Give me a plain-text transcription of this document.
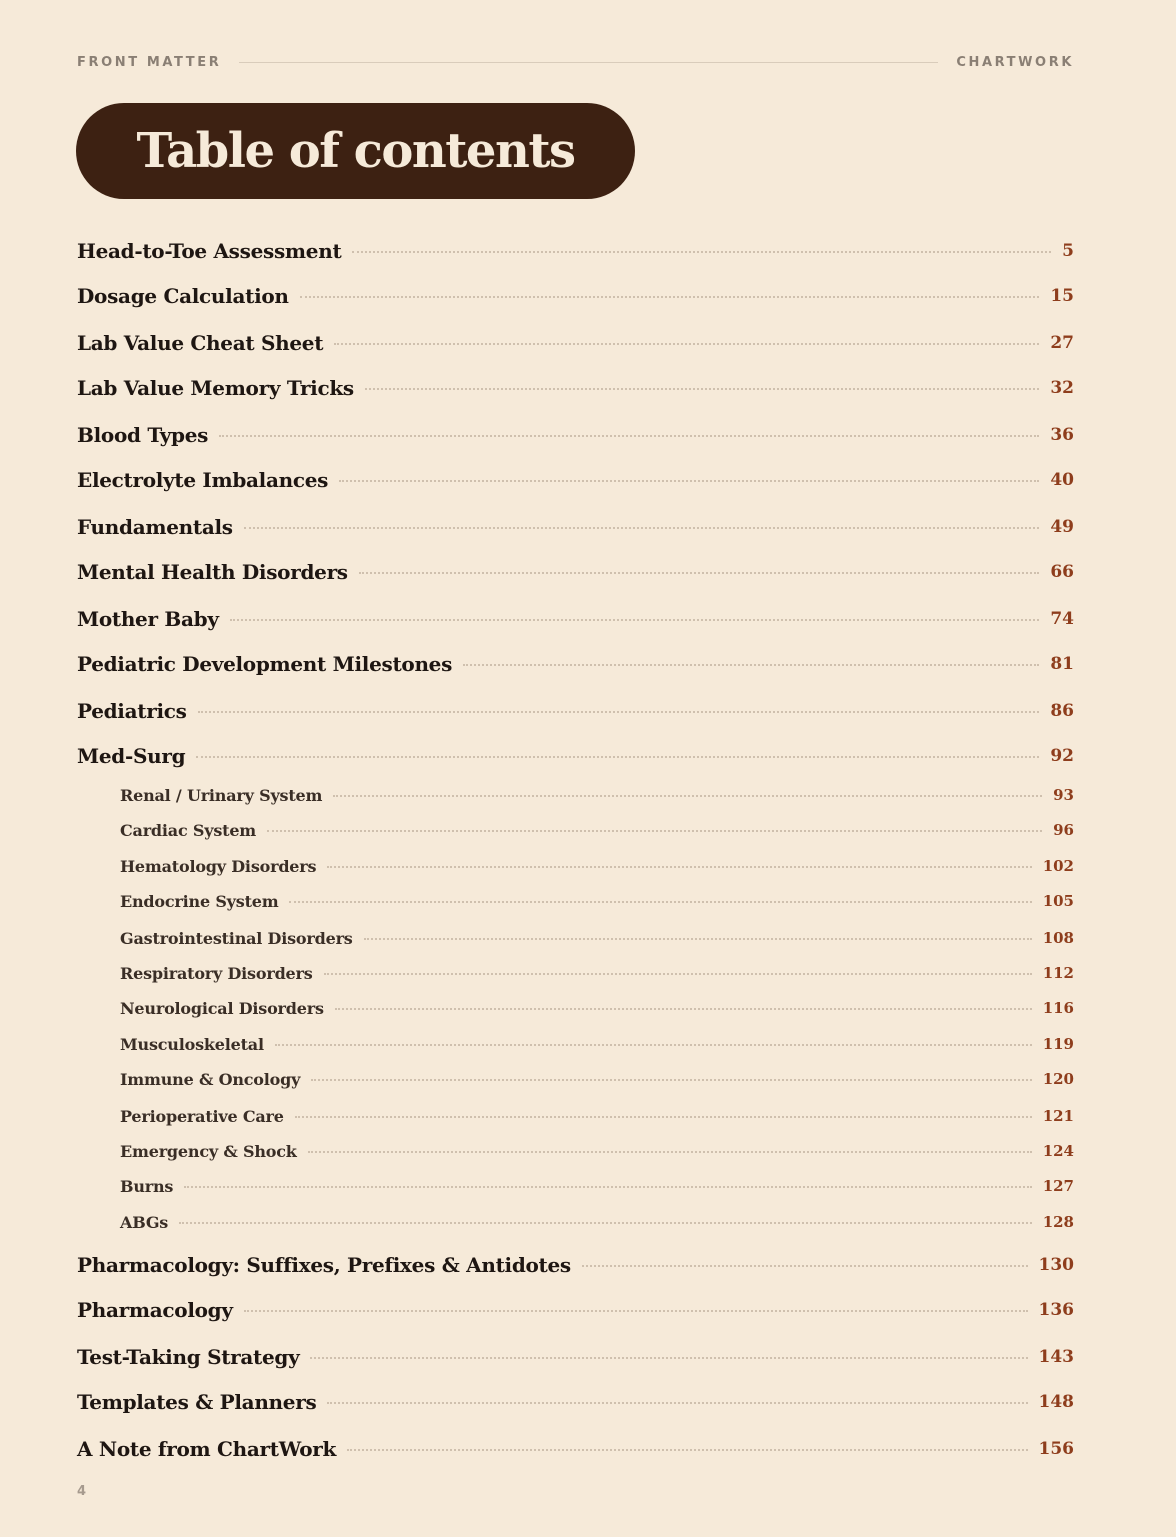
FRONT MATTER	CHARTWORK
Table of contents
Head-to-Toe Assessment	5
Dosage Calculation	15
Lab Value Cheat Sheet	27
Lab Value Memory Tricks	32
Blood Types	36
Electrolyte Imbalances	40
Fundamentals	49
Mental Health Disorders	66
Mother Baby	74
Pediatric Development Milestones	81
Pediatrics	86
Med-Surg	92
Renal / Urinary System	93
Cardiac System	96
Hematology Disorders	102
Endocrine System	105
Gastrointestinal Disorders	108
Respiratory Disorders	112
Neurological Disorders	116
Musculoskeletal	119
Immune & Oncology	120
Perioperative Care	121
Emergency & Shock	124
Burns	127
ABGs	128
Pharmacology: Suffixes, Prefixes & Antidotes	130
Pharmacology	136
Test-Taking Strategy	143
Templates & Planners	148
A Note from ChartWork	156
4
